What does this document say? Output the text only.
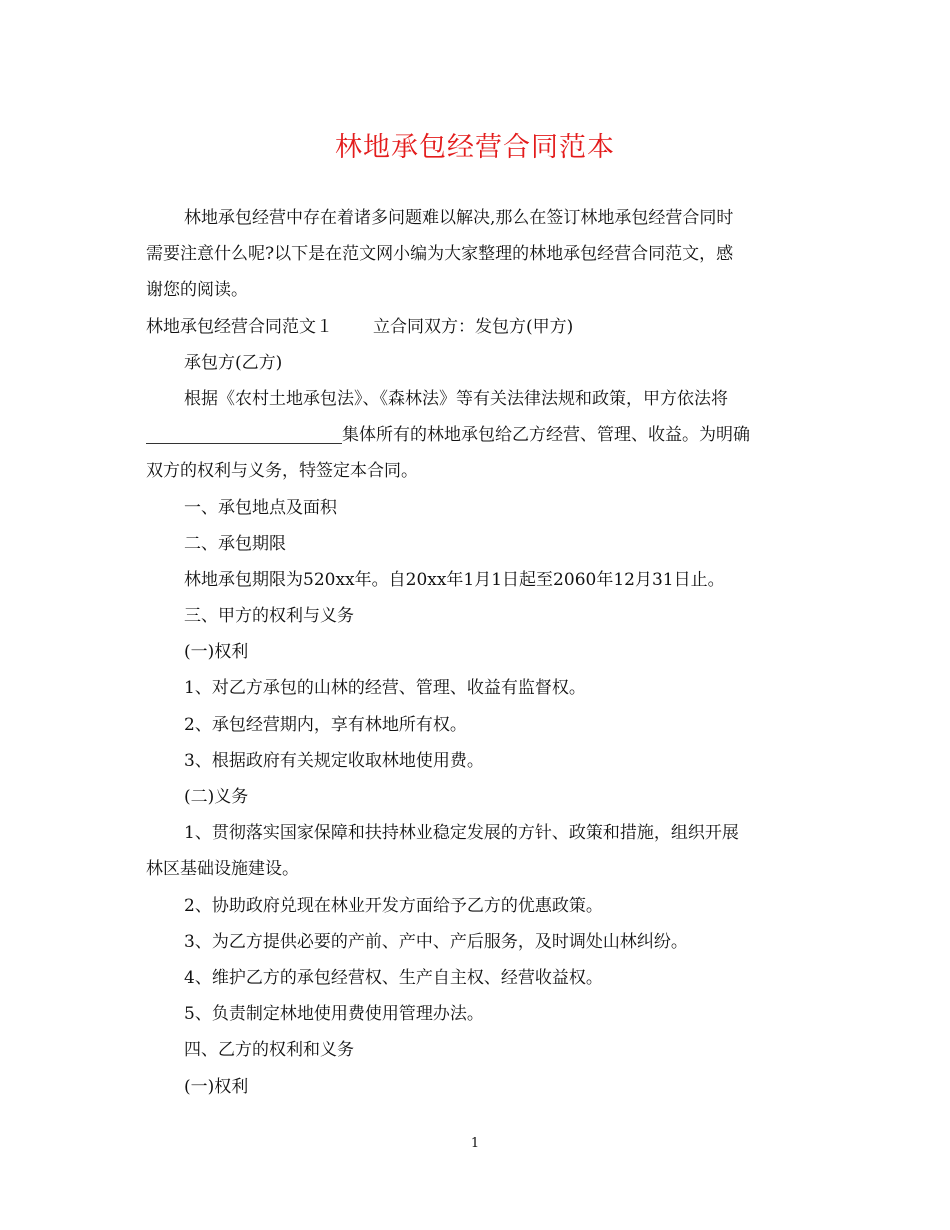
林地承包经营合同范本
林地承包经营中存在着诸多问题难以解决,那么在签订林地承包经营合同时
需要注意什么呢?以下是在范文网小编为大家整理的林地承包经营合同范文，感
谢您的阅读。
林地承包经营合同范文１ 立合同双方：发包方(甲方)
承包方(乙方)
根据《农村土地承包法》、《森林法》等有关法律法规和政策，甲方依法将
集体所有的林地承包给乙方经营、管理、收益。为明确
双方的权利与义务，特签定本合同。
一、承包地点及面积
二、承包期限
林地承包期限为520xx年。自20xx年1月1日起至2060年12月31日止。
三、甲方的权利与义务
(一)权利
1、对乙方承包的山林的经营、管理、收益有监督权。
2、承包经营期内，享有林地所有权。
3、根据政府有关规定收取林地使用费。
(二)义务
1、贯彻落实国家保障和扶持林业稳定发展的方针、政策和措施，组织开展
林区基础设施建设。
2、协助政府兑现在林业开发方面给予乙方的优惠政策。
3、为乙方提供必要的产前、产中、产后服务，及时调处山林纠纷。
4、维护乙方的承包经营权、生产自主权、经营收益权。
5、负责制定林地使用费使用管理办法。
四、乙方的权利和义务
(一)权利
1
